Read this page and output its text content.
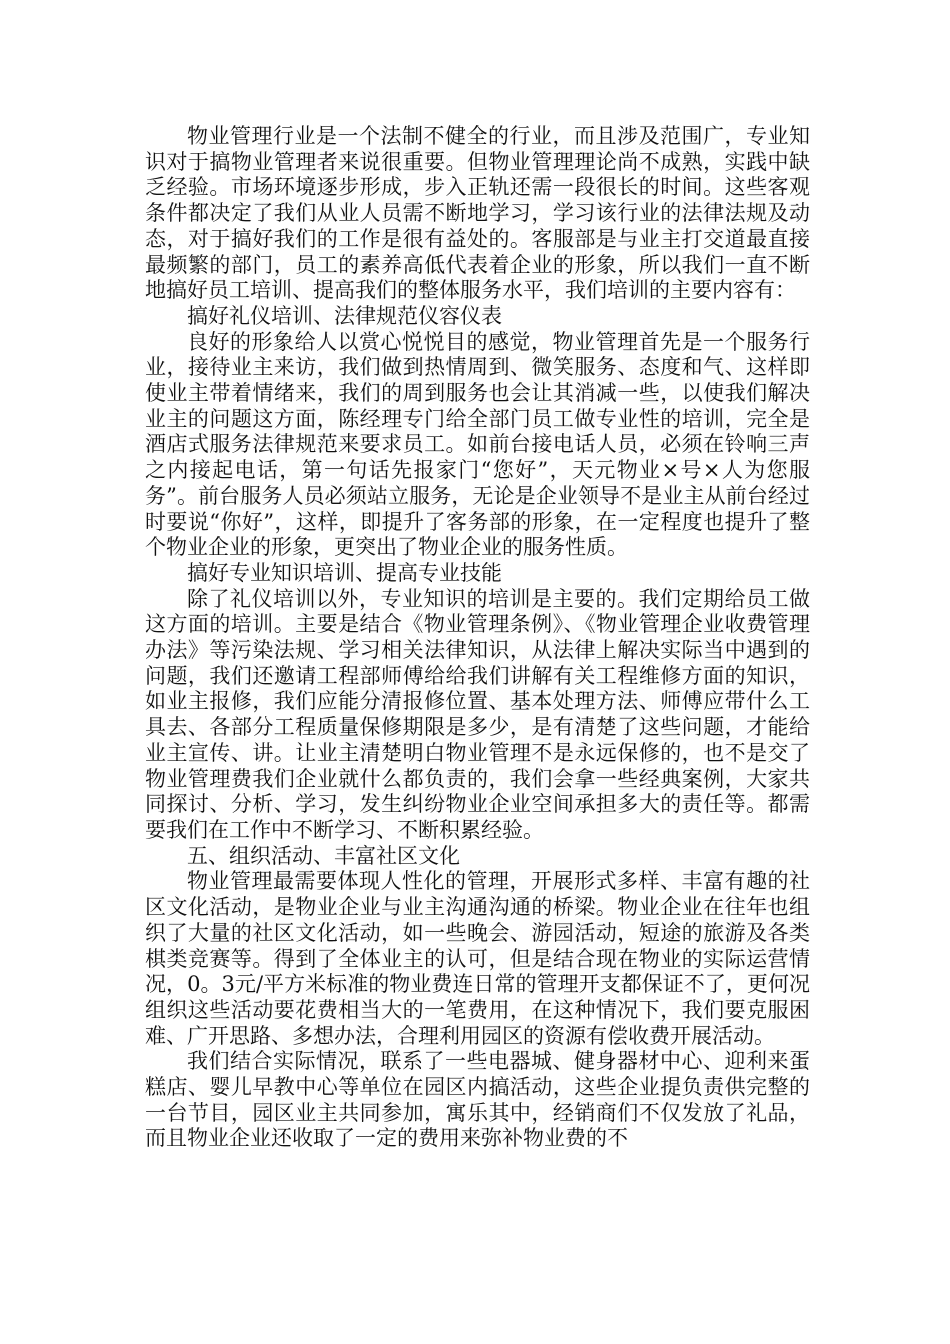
物业管理行业是一个法制不健全的行业，而且涉及范围广，专业知识对于搞物业管理者来说很重要。但物业管理理论尚不成熟，实践中缺乏经验。市场环境逐步形成，步入正轨还需一段很长的时间。这些客观条件都决定了我们从业人员需不断地学习，学习该行业的法律法规及动态，对于搞好我们的工作是很有益处的。客服部是与业主打交道最直接最频繁的部门，员工的素养高低代表着企业的形象，所以我们一直不断地搞好员工培训、提高我们的整体服务水平，我们培训的主要内容有：

搞好礼仪培训、法律规范仪容仪表

良好的形象给人以赏心悦悦目的感觉，物业管理首先是一个服务行业，接待业主来访，我们做到热情周到、微笑服务、态度和气、这样即使业主带着情绪来，我们的周到服务也会让其消减一些，以使我们解决业主的问题这方面，陈经理专门给全部门员工做专业性的培训，完全是酒店式服务法律规范来要求员工。如前台接电话人员，必须在铃响三声之内接起电话，第一句话先报家门“您好”，天元物业×号×人为您服务”。前台服务人员必须站立服务，无论是企业领导不是业主从前台经过时要说“你好”，这样，即提升了客务部的形象，在一定程度也提升了整个物业企业的形象，更突出了物业企业的服务性质。

搞好专业知识培训、提高专业技能

除了礼仪培训以外，专业知识的培训是主要的。我们定期给员工做这方面的培训。主要是结合《物业管理条例》、《物业管理企业收费管理办法》等污染法规、学习相关法律知识，从法律上解决实际当中遇到的问题，我们还邀请工程部师傅给给我们讲解有关工程维修方面的知识，如业主报修，我们应能分清报修位置、基本处理方法、师傅应带什么工具去、各部分工程质量保修期限是多少，是有清楚了这些问题，才能给业主宣传、讲。让业主清楚明白物业管理不是永远保修的，也不是交了物业管理费我们企业就什么都负责的，我们会拿一些经典案例，大家共同探讨、分析、学习，发生纠纷物业企业空间承担多大的责任等。都需要我们在工作中不断学习、不断积累经验。

五、组织活动、丰富社区文化

物业管理最需要体现人性化的管理，开展形式多样、丰富有趣的社区文化活动，是物业企业与业主沟通沟通的桥梁。物业企业在往年也组织了大量的社区文化活动，如一些晚会、游园活动，短途的旅游及各类棋类竞赛等。得到了全体业主的认可，但是结合现在物业的实际运营情况，0。3元/平方米标准的物业费连日常的管理开支都保证不了，更何况组织这些活动要花费相当大的一笔费用，在这种情况下，我们要克服困难、广开思路、多想办法，合理利用园区的资源有偿收费开展活动。

我们结合实际情况，联系了一些电器城、健身器材中心、迎利来蛋糕店、婴儿早教中心等单位在园区内搞活动，这些企业提负责供完整的一台节目，园区业主共同参加，寓乐其中，经销商们不仅发放了礼品，而且物业企业还收取了一定的费用来弥补物业费的不
